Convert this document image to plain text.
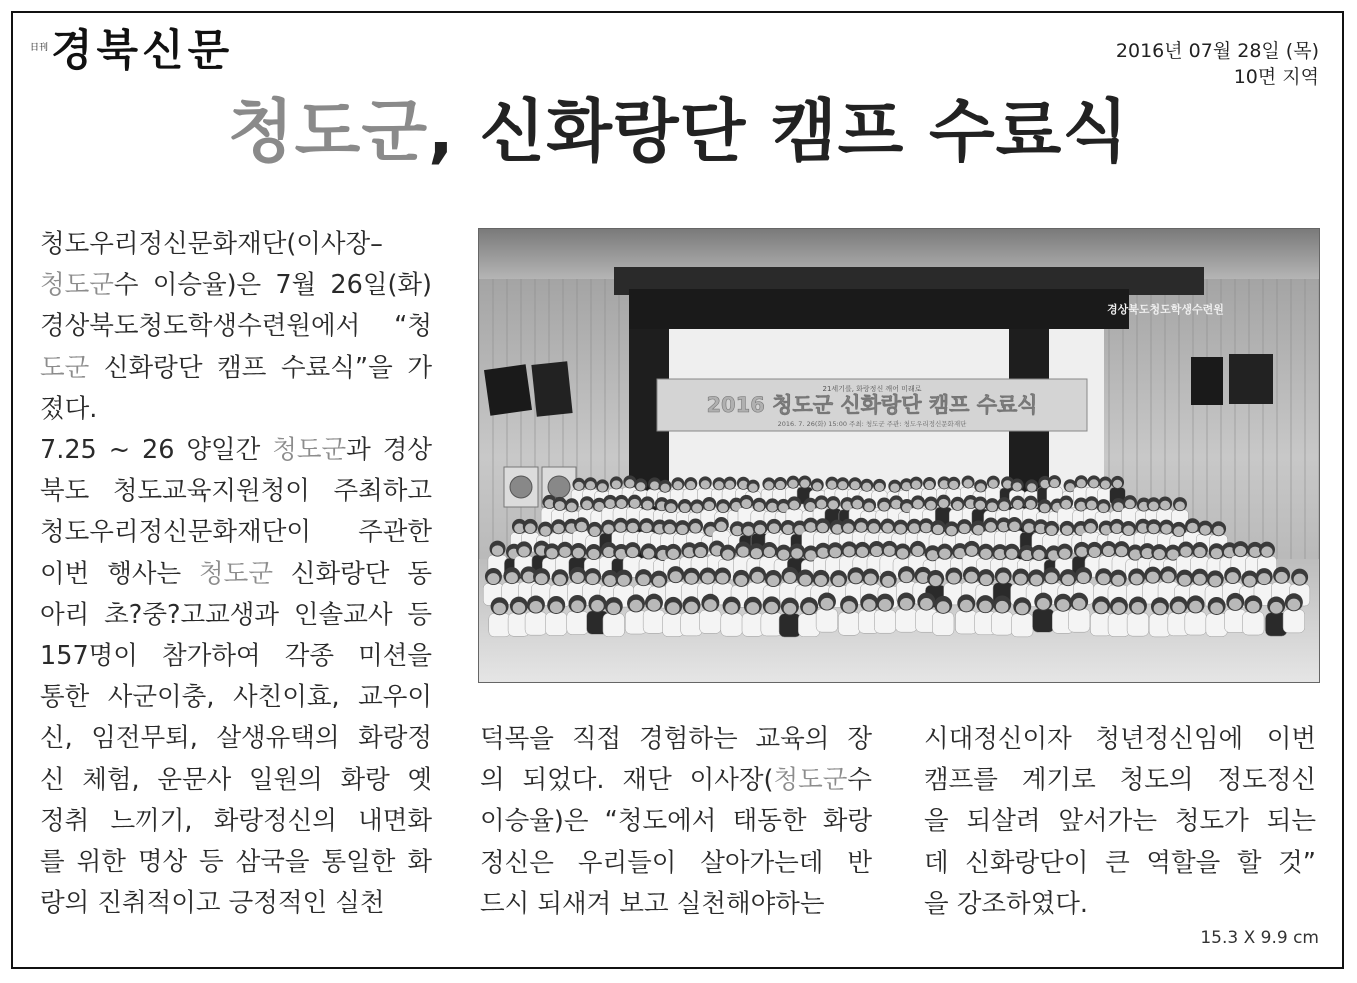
日刊 경북신문	2016년 07월 28일 (목)
10면 지역
청도군, 신화랑단 캠프 수료식
청도우리정신문화재단(이사장–
청도군수 이승율)은 7월 26일(화)
경상북도청도학생수련원에서 “청
도군 신화랑단 캠프 수료식”을 가
졌다.
7.25 ~ 26 양일간 청도군과 경상
북도 청도교육지원청이 주최하고
청도우리정신문화재단이 주관한
이번 행사는 청도군 신화랑단 동
아리 초?중?고교생과 인솔교사 등
157명이 참가하여 각종 미션을
통한 사군이충, 사친이효, 교우이
신, 임전무퇴, 살생유택의 화랑정
신 체험, 운문사 일원의 화랑 옛
정취 느끼기, 화랑정신의 내면화
를 위한 명상 등 삼국을 통일한 화
랑의 진취적이고 긍정적인 실천
경상북도청도학생수련원
21세기를, 화랑정신 깨어 미래로
2016 청도군 신화랑단 캠프 수료식
2016. 7. 26(화) 15:00 주최: 청도군 주관: 청도우리정신문화재단
덕목을 직접 경험하는 교육의 장
의 되었다. 재단 이사장(청도군수
이승율)은 “청도에서 태동한 화랑
정신은 우리들이 살아가는데 반
드시 되새겨 보고 실천해야하는
시대정신이자 청년정신임에 이번
캠프를 계기로 청도의 정도정신
을 되살려 앞서가는 청도가 되는
데 신화랑단이 큰 역할을 할 것”
을 강조하였다.
15.3 X 9.9 cm
